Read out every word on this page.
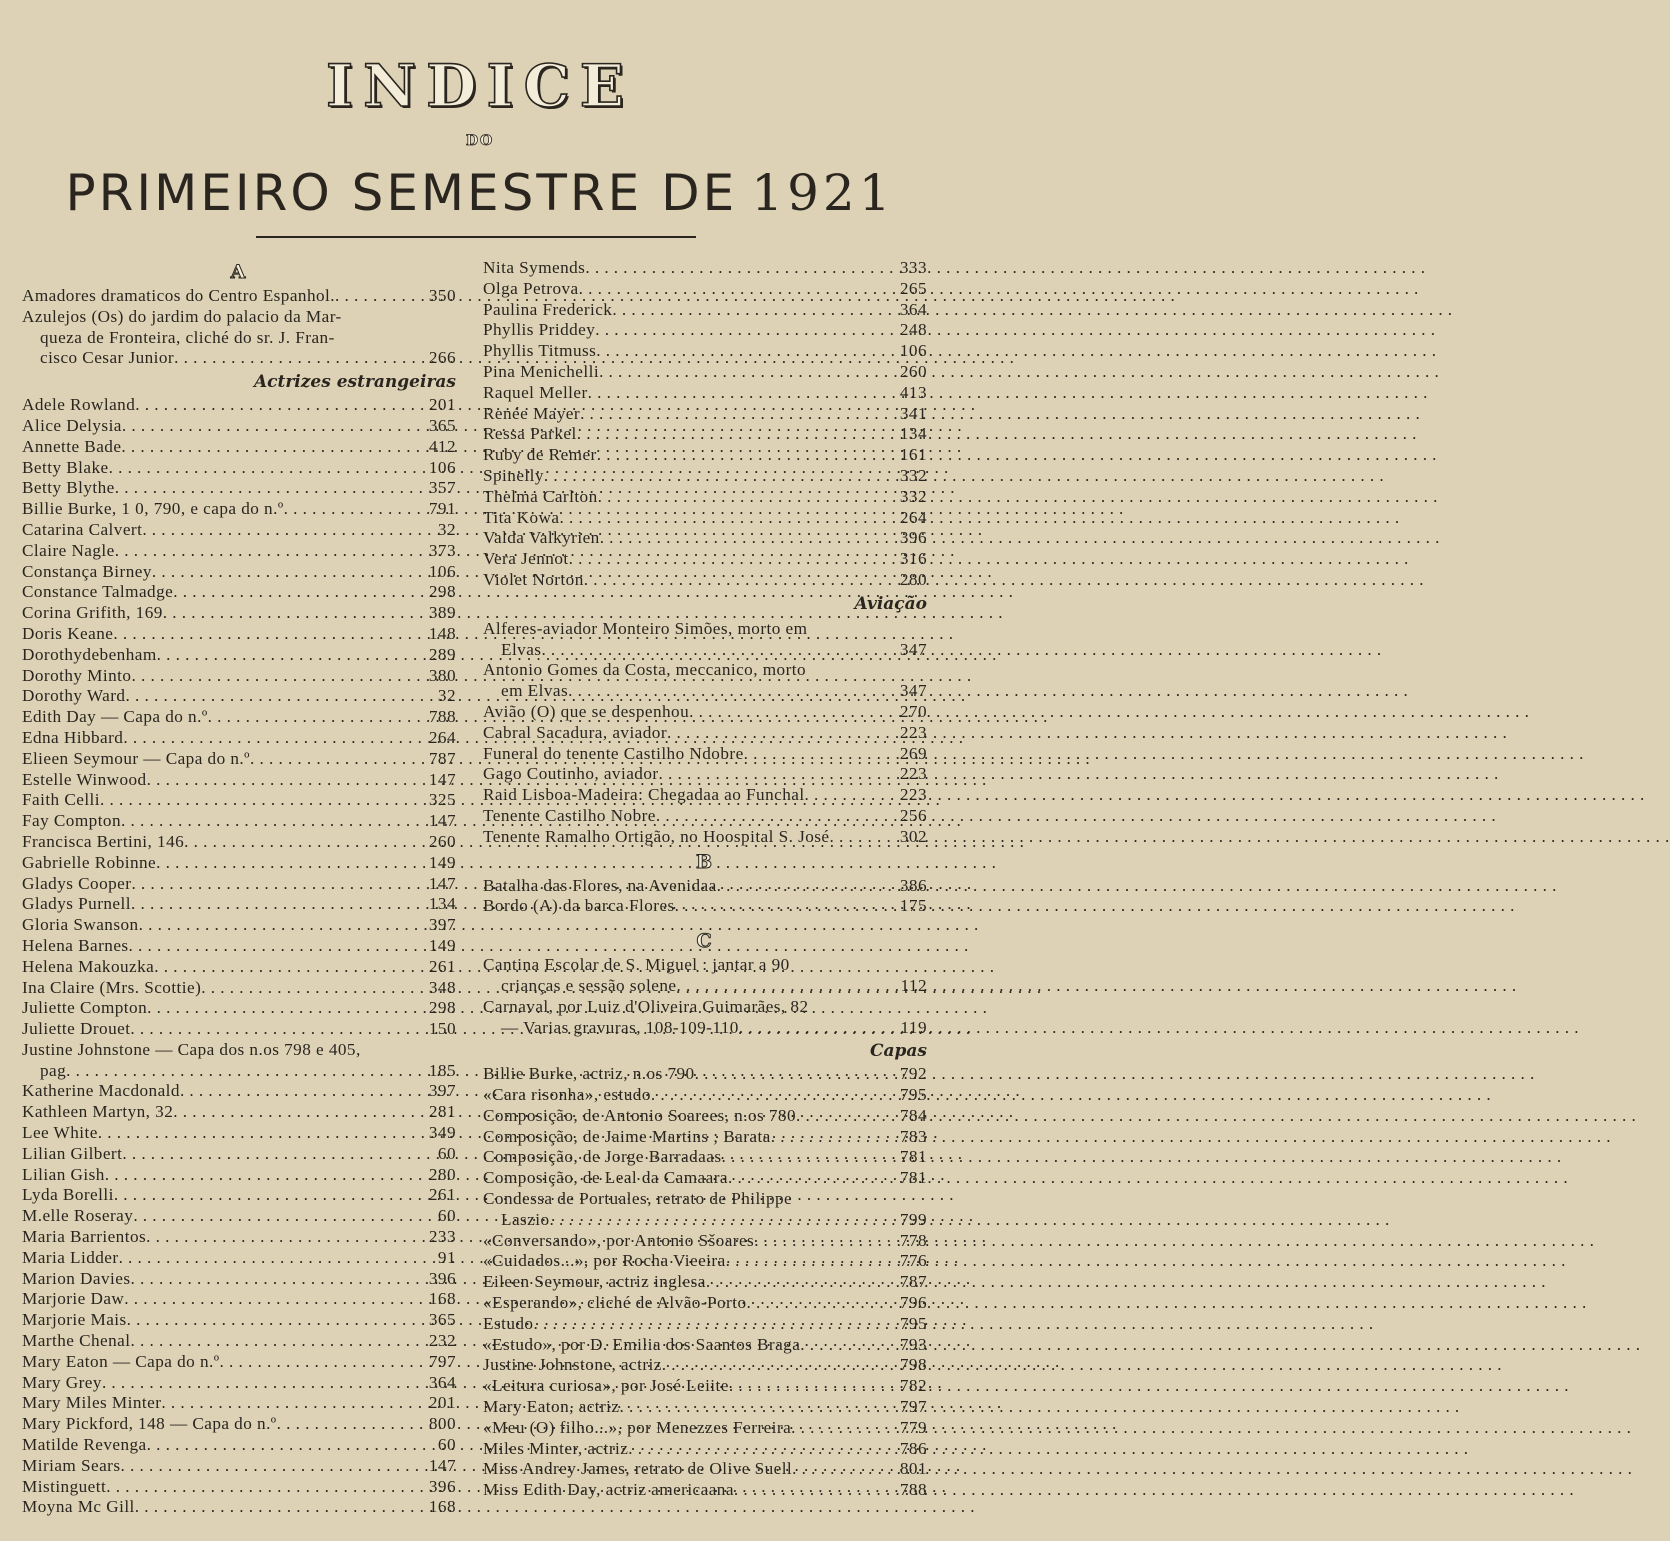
INDICE
DO
PRIMEIRO SEMESTRE DE 1921
A
Amadores dramaticos do Centro Espanhol. . . .	350
Azulejos (Os) do jardim do palacio da Mar-
queza de Fronteira, cliché do sr. J. Fran-
cisco Cesar Junior . . .	266
Actrizes estrangeiras
Adele Rowland . . .	201
Alice Delysia . . .	365
Annette Bade . . .	412
Betty Blake . . .	106
Betty Blythe . . .	357
Billie Burke, 1 0, 790, e capa do n.º . . .	791
Catarina Calvert . . .	32
Claire Nagle . . .	373
Constança Birney . . .	106
Constance Talmadge . . .	298
Corina Grifith, 169 . . .	389
Doris Keane . . .	148
Dorothydebenham . . .	289
Dorothy Minto . . .	380
Dorothy Ward . . .	32
Edith Day — Capa do n.º . . .	788
Edna Hibbard . . .	264
Elieen Seymour — Capa do n.º . . .	787
Estelle Winwood . . .	147
Faith Celli . . .	325
Fay Compton . . .	147
Francisca Bertini, 146 . . .	260
Gabrielle Robinne . . .	149
Gladys Cooper . . .	147
Gladys Purnell . . .	134
Gloria Swanson . . .	397
Helena Barnes . . .	149
Helena Makouzka . . .	261
Ina Claire (Mrs. Scottie) . . .	348
Juliette Compton . . .	298
Juliette Drouet . . .	150
Justine Johnstone — Capa dos n.os 798 e 405,
pag . . .	185
Katherine Macdonald . . .	397
Kathleen Martyn, 32 . . .	281
Lee White . . .	349
Lilian Gilbert . . .	60
Lilian Gish . . .	280
Lyda Borelli . . .	261
M.elle Roseray . . .	60
Maria Barrientos . . .	233
Maria Lidder . . .	91
Marion Davies . . .	396
Marjorie Daw . . .	168
Marjorie Mais . . .	365
Marthe Chenal . . .	232
Mary Eaton — Capa do n.º . . .	797
Mary Grey . . .	364
Mary Miles Minter . . .	201
Mary Pickford, 148 — Capa do n.º . . .	800
Matilde Revenga . . .	60
Miriam Sears . . .	147
Mistinguett . . .	396
Moyna Mc Gill . . .	168
Nita Symends . . .	333
Olga Petrova . . .	265
Paulina Frederick . . .	364
Phyllis Priddey . . .	248
Phyllis Titmuss . . .	106
Pina Menichelli . . .	260
Raquel Meller . . .	413
Renée Mayer . . .	341
Ressa Parkel . . .	134
Ruby de Remer . . .	161
Spinelly . . .	332
Thelma Carlton . . .	332
Tita Kowa . . .	264
Valda Valkyrien . . .	396
Vera Jennot . . .	316
Violet Norton . . .	280
Aviação
Alferes-aviador Monteiro Simões, morto em
Elvas . . .	347
Antonio Gomes da Costa, meccanico, morto
em Elvas . . .	347
Avião (O) que se despenhou . . .	270
Cabral Sacadura, aviador . . .	223
Funeral do tenente Castilho Ndobre . . .	269
Gago Coutinho, aviador . . .	223
Raid Lisboa-Madeira: Chegadaa ao Funchal . . .	223
Tenente Castilho Nobre . . .	256
Tenente Ramalho Ortigão, no Hoospital S. José . . .	302
B
Batalha das Flores, na Avenidaa . . .	386
Bordo (A) da barca Flores . . .	175
C
Cantina Escolar de S. Miguel : jantar a 90
crianças e sessão solene . . .	112
Carnaval, por Luiz d'Oliveira Guimarães, 82
— Varias gravuras, 108-109-110 . . .	119
Capas
Billie Burke, actriz, n.os 790 . . .	792
«Cara risonha», estudo . . .	795
Composição, de Antonio Soarees, n.os 780 . . .	784
Composição, de Jaime Martins ; Barata . . .	783
Composição, de Jorge Barradaas . . .	781
Composição, de Leal da Camaara . . .	781
Condessa de Portuales, retrato de Philippe
Laszio . . .	799
«Conversando», por Antonio Sšoares . . .	778
«Cuidados...», por Rocha Vieeira . . .	776
Eileen Seymour, actriz inglesa . . .	787
«Esperando», cliché de Alvão-Porto . . .	796
Estudo . . .	795
«Estudo», por D. Emilia dos Saantos Braga . . .	793
Justine Johnstone, actriz . . .	798
«Leitura curiosa», por José Leiite . . .	782
Mary Eaton, actriz . . .	797
«Meu (O) filho...», por Menezzes Ferreira . . .	779
Miles Minter, actriz . . .	786
Miss Andrey James, retrato de Olive Suell . . .	801
Miss Edith Day, actriz americaana . . .	788
